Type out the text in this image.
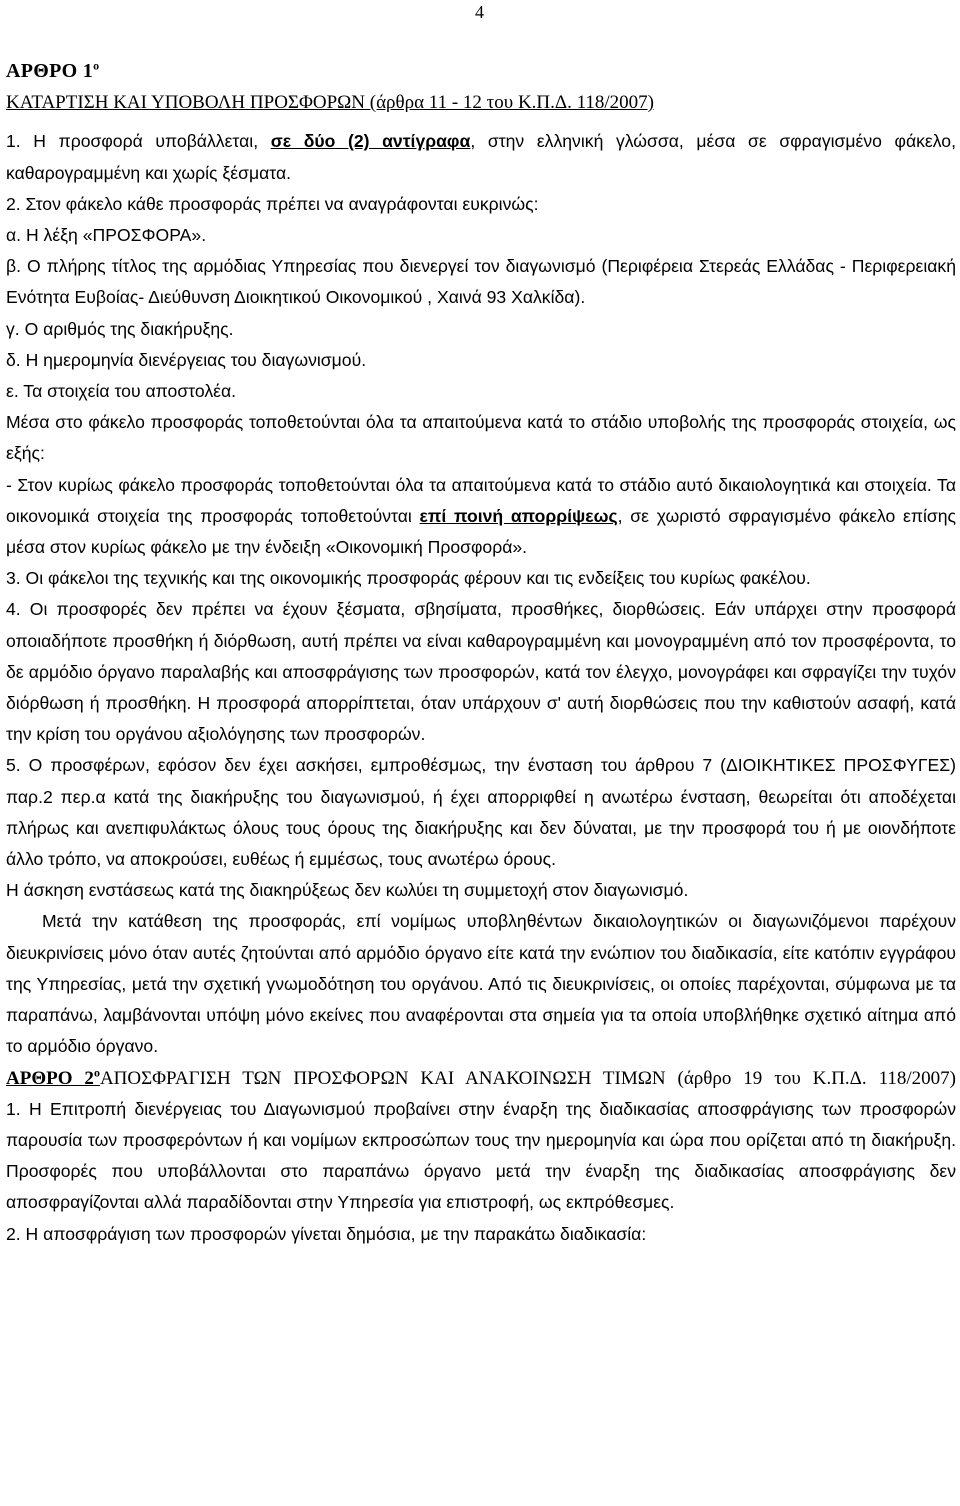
4

ΑΡΘΡΟ $1^o$

ΚΑΤΑΡΤΙΣΗ ΚΑΙ ΥΠΟΒΟΛΗ ΠΡΟΣΦΟΡΩΝ (άρθρα 11 - 12 του Κ.Π.Δ. 118/2007)

1. Η προσφορά υποβάλλεται, σε δύο (2) αντίγραφα, στην ελληνική γλώσσα, μέσα σε σφραγισμένο φάκελο, καθαρογραμμένη και χωρίς ξέσματα.

2. Στον φάκελο κάθε προσφοράς πρέπει να αναγράφονται ευκρινώς:

α. Η λέξη «ΠΡΟΣΦΟΡΑ».

β. Ο πλήρης τίτλος της αρμόδιας Υπηρεσίας που διενεργεί τον διαγωνισμό (Περιφέρεια Στερεάς Ελλάδας - Περιφερειακή Ενότητα Ευβοίας- Διεύθυνση Διοικητικού Οικονομικού , Χαινά 93 Χαλκίδα).

γ. Ο αριθμός της διακήρυξης.

δ. Η ημερομηνία διενέργειας του διαγωνισμού.

ε. Τα στοιχεία του αποστολέα.

Μέσα στο φάκελο προσφοράς τοποθετούνται όλα τα απαιτούμενα κατά το στάδιο υποβολής της προσφοράς στοιχεία, ως εξής:

- Στον κυρίως φάκελο προσφοράς τοποθετούνται όλα τα απαιτούμενα κατά το στάδιο αυτό δικαιολογητικά και στοιχεία. Τα οικονομικά στοιχεία της προσφοράς τοποθετούνται επί ποινή απορρίψεως, σε χωριστό σφραγισμένο φάκελο επίσης μέσα στον κυρίως φάκελο με την ένδειξη «Οικονομική Προσφορά».

3. Οι φάκελοι της τεχνικής και της οικονομικής προσφοράς φέρουν και τις ενδείξεις του κυρίως φακέλου.

4. Οι προσφορές δεν πρέπει να έχουν ξέσματα, σβησίματα, προσθήκες, διορθώσεις. Εάν υπάρχει στην προσφορά οποιαδήποτε προσθήκη ή διόρθωση, αυτή πρέπει να είναι καθαρογραμμένη και μονογραμμένη από τον προσφέροντα, το δε αρμόδιο όργανο παραλαβής και αποσφράγισης των προσφορών, κατά τον έλεγχο, μονογράφει και σφραγίζει την τυχόν διόρθωση ή προσθήκη. Η προσφορά απορρίπτεται, όταν υπάρχουν σ' αυτή διορθώσεις που την καθιστούν ασαφή, κατά την κρίση του οργάνου αξιολόγησης των προσφορών.

5. Ο προσφέρων, εφόσον δεν έχει ασκήσει, εμπροθέσμως, την ένσταση του άρθρου 7 (ΔΙΟΙΚΗΤΙΚΕΣ ΠΡΟΣΦΥΓΕΣ) παρ.2 περ.α κατά της διακήρυξης του διαγωνισμού, ή έχει απορριφθεί η ανωτέρω ένσταση, θεωρείται ότι αποδέχεται πλήρως και ανεπιφυλάκτως όλους τους όρους της διακήρυξης και δεν δύναται, με την προσφορά του ή με οιονδήποτε άλλο τρόπο, να αποκρούσει, ευθέως ή εμμέσως, τους ανωτέρω όρους.

Η άσκηση ενστάσεως κατά της διακηρύξεως δεν κωλύει τη συμμετοχή στον διαγωνισμό.

Μετά την κατάθεση της προσφοράς, επί νομίμως υποβληθέντων δικαιολογητικών οι διαγωνιζόμενοι παρέχουν διευκρινίσεις μόνο όταν αυτές ζητούνται από αρμόδιο όργανο είτε κατά την ενώπιον του διαδικασία, είτε κατόπιν εγγράφου της Υπηρεσίας, μετά την σχετική γνωμοδότηση του οργάνου. Από τις διευκρινίσεις, οι οποίες παρέχονται, σύμφωνα με τα παραπάνω, λαμβάνονται υπόψη μόνο εκείνες που αναφέρονται στα σημεία για τα οποία υποβλήθηκε σχετικό αίτημα από το αρμόδιο όργανο.

ΑΡΘΡΟ $2^oA\Pi O\Sigma\Phi PA\Gamma I\Sigma H$ ΤΩΝ ΠΡΟΣΦΟΡΩΝ ΚΑΙ ΑΝΑΚΟΙΝΩΣΗ ΤΙΜΩΝ (άρθρο 19 του Κ.Π.Δ. 118/2007)

1. Η Επιτροπή διενέργειας του Διαγωνισμού προβαίνει στην έναρξη της διαδικασίας αποσφράγισης των προσφορών παρουσία των προσφερόντων ή και νομίμων εκπροσώπων τους την ημερομηνία και ώρα που ορίζεται από τη διακήρυξη. Προσφορές που υποβάλλονται στο παραπάνω όργανο μετά την έναρξη της διαδικασίας αποσφράγισης δεν αποσφραγίζονται αλλά παραδίδονται στην Υπηρεσία για επιστροφή, ως εκπρόθεσμες.

2. Η αποσφράγιση των προσφορών γίνεται δημόσια, με την παρακάτω διαδικασία:
